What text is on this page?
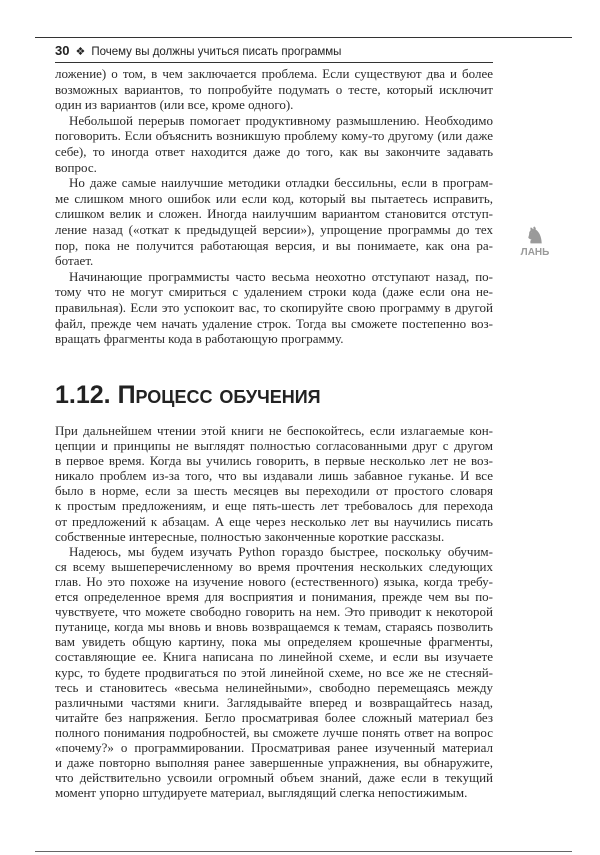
30 ❖ Почему вы должны учиться писать программы
ложение) о том, в чем заключается проблема. Если существуют два и более
возможных вариантов, то попробуйте подумать о тесте, который исключит
один из вариантов (или все, кроме одного).
Небольшой перерыв помогает продуктивному размышлению. Необходимо
поговорить. Если объяснить возникшую проблему кому-то другому (или даже
себе), то иногда ответ находится даже до того, как вы закончите задавать
вопрос.
Но даже самые наилучшие методики отладки бессильны, если в програм-
ме слишком много ошибок или если код, который вы пытаетесь исправить,
слишком велик и сложен. Иногда наилучшим вариантом становится отступ-
ление назад («откат к предыдущей версии»), упрощение программы до тех
пор, пока не получится работающая версия, и вы понимаете, как она ра-
ботает.
Начинающие программисты часто весьма неохотно отступают назад, по-
тому что не могут смириться с удалением строки кода (даже если она не-
правильная). Если это успокоит вас, то скопируйте свою программу в другой
файл, прежде чем начать удаление строк. Тогда вы сможете постепенно воз-
вращать фрагменты кода в работающую программу.
1.12. Процесс обучения
При дальнейшем чтении этой книги не беспокойтесь, если излагаемые кон-
цепции и принципы не выглядят полностью согласованными друг с другом
в первое время. Когда вы учились говорить, в первые несколько лет не воз-
никало проблем из-за того, что вы издавали лишь забавное гуканье. И все
было в норме, если за шесть месяцев вы переходили от простого словаря
к простым предложениям, и еще пять-шесть лет требовалось для перехода
от предложений к абзацам. А еще через несколько лет вы научились писать
собственные интересные, полностью законченные короткие рассказы.
Надеюсь, мы будем изучать Python гораздо быстрее, поскольку обучим-
ся всему вышеперечисленному во время прочтения нескольких следующих
глав. Но это похоже на изучение нового (естественного) языка, когда требу-
ется определенное время для восприятия и понимания, прежде чем вы по-
чувствуете, что можете свободно говорить на нем. Это приводит к некоторой
путанице, когда мы вновь и вновь возвращаемся к темам, стараясь позволить
вам увидеть общую картину, пока мы определяем крошечные фрагменты,
составляющие ее. Книга написана по линейной схеме, и если вы изучаете
курс, то будете продвигаться по этой линейной схеме, но все же не стесняй-
тесь и становитесь «весьма нелинейными», свободно перемещаясь между
различными частями книги. Заглядывайте вперед и возвращайтесь назад,
читайте без напряжения. Бегло просматривая более сложный материал без
полного понимания подробностей, вы сможете лучше понять ответ на вопрос
«почему?» о программировании. Просматривая ранее изученный материал
и даже повторно выполняя ранее завершенные упражнения, вы обнаружите,
что действительно усвоили огромный объем знаний, даже если в текущий
момент упорно штудируете материал, выглядящий слегка непостижимым.
♞
ЛАНЬ
